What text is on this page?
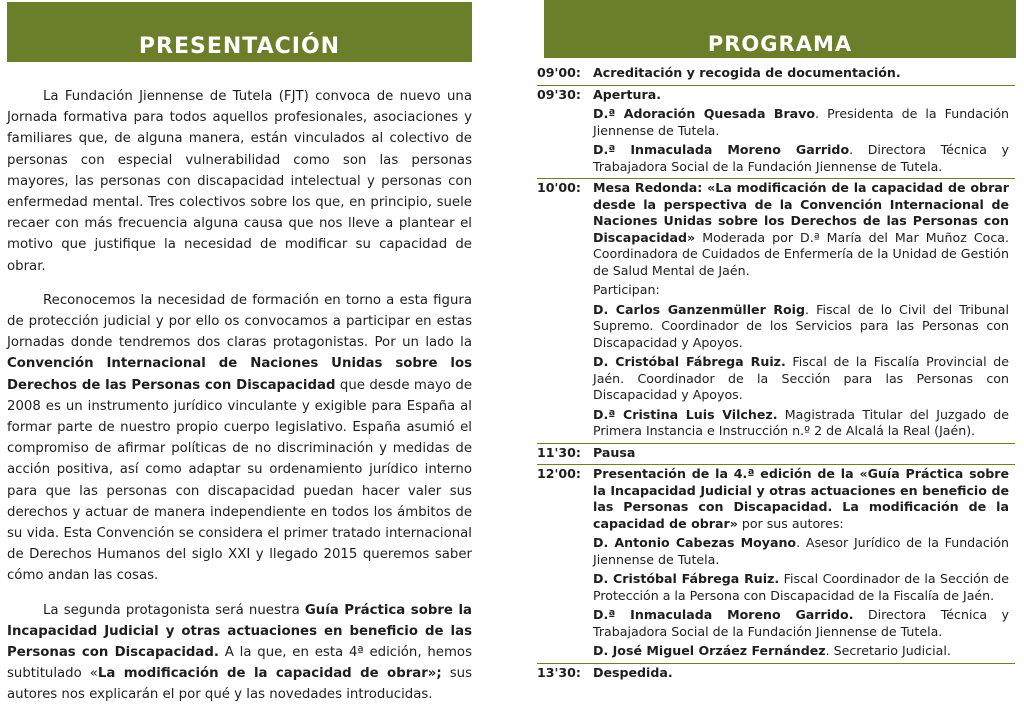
PRESENTACIÓN

La Fundación Jiennense de Tutela (FJT) convoca de nuevo una Jornada formativa para todos aquellos profesionales, asociaciones y familiares que, de alguna manera, están vinculados al colectivo de personas con especial vulnerabilidad como son las personas mayores, las personas con discapacidad intelectual y personas con enfermedad mental. Tres colectivos sobre los que, en principio, suele recaer con más frecuencia alguna causa que nos lleve a plantear el motivo que justifique la necesidad de modificar su capacidad de obrar.

Reconocemos la necesidad de formación en torno a esta figura de protección judicial y por ello os convocamos a participar en estas Jornadas donde tendremos dos claras protagonistas. Por un lado la Convención Internacional de Naciones Unidas sobre los Derechos de las Personas con Discapacidad que desde mayo de 2008 es un instrumento jurídico vinculante y exigible para España al formar parte de nuestro propio cuerpo legislativo. España asumió el compromiso de afirmar políticas de no discriminación y medidas de acción positiva, así como adaptar su ordenamiento jurídico interno para que las personas con discapacidad puedan hacer valer sus derechos y actuar de manera independiente en todos los ámbitos de su vida. Esta Convención se considera el primer tratado internacional de Derechos Humanos del siglo XXI y llegado 2015 queremos saber cómo andan las cosas.

La segunda protagonista será nuestra Guía Práctica sobre la Incapacidad Judicial y otras actuaciones en beneficio de las Personas con Discapacidad. A la que, en esta 4ª edición, hemos subtitulado «La modificación de la capacidad de obrar»; sus autores nos explicarán el por qué y las novedades introducidas.

PROGRAMA
09'00: Acreditación y recogida de documentación.
09'30: Apertura.
D.ª Adoración Quesada Bravo. Presidenta de la Fundación Jiennense de Tutela.
D.ª Inmaculada Moreno Garrido. Directora Técnica y Trabajadora Social de la Fundación Jiennense de Tutela.
10'00: Mesa Redonda: «La modificación de la capacidad de obrar desde la perspectiva de la Convención Internacional de Naciones Unidas sobre los Derechos de las Personas con Discapacidad» Moderada por D.ª María del Mar Muñoz Coca. Coordinadora de Cuidados de Enfermería de la Unidad de Gestión de Salud Mental de Jaén.
Participan:
D. Carlos Ganzenmüller Roig. Fiscal de lo Civil del Tribunal Supremo. Coordinador de los Servicios para las Personas con Discapacidad y Apoyos.
D. Cristóbal Fábrega Ruiz. Fiscal de la Fiscalía Provincial de Jaén. Coordinador de la Sección para las Personas con Discapacidad y Apoyos.
D.ª Cristina Luis Vilchez. Magistrada Titular del Juzgado de Primera Instancia e Instrucción n.º 2 de Alcalá la Real (Jaén).
11'30: Pausa
12'00: Presentación de la 4.ª edición de la «Guía Práctica sobre la Incapacidad Judicial y otras actuaciones en beneficio de las Personas con Discapacidad. La modificación de la capacidad de obrar» por sus autores:
D. Antonio Cabezas Moyano. Asesor Jurídico de la Fundación Jiennense de Tutela.
D. Cristóbal Fábrega Ruiz. Fiscal Coordinador de la Sección de Protección a la Persona con Discapacidad de la Fiscalía de Jaén.
D.ª Inmaculada Moreno Garrido. Directora Técnica y Trabajadora Social de la Fundación Jiennense de Tutela.
D. José Miguel Orzáez Fernández. Secretario Judicial.
13'30: Despedida.
